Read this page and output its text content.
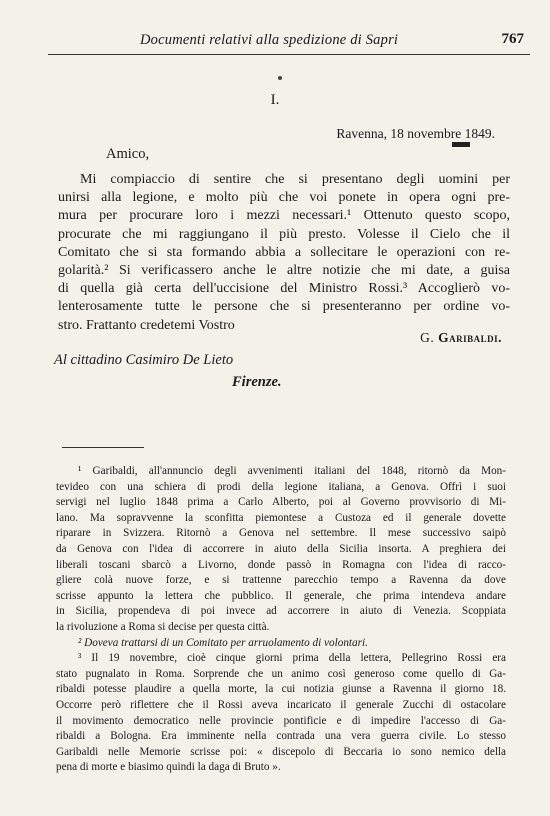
Documenti relativi alla spedizione di Sapri	767
I.
Ravenna, 18 novembre 1849.
Amico,

Mi compiaccio di sentire che si presentano degli uomini per
unirsi alla legione, e molto più che voi ponete in opera ogni pre-
mura per procurare loro i mezzi necessari.¹ Ottenuto questo scopo,
procurate che mi raggiungano il più presto. Volesse il Cielo che il
Comitato che si sta formando abbia a sollecitare le operazioni con re-
golarità.² Si verificassero anche le altre notizie che mi date, a guisa
di quella già certa dell'uccisione del Ministro Rossi.³ Accoglierò vo-
lenterosamente tutte le persone che si presenteranno per ordine vo-
stro. Frattanto credetemi Vostro

G. Garibaldi.
Al cittadino Casimiro De Lieto
Firenze.
¹ Garibaldi, all'annuncio degli avvenimenti italiani del 1848, ritornò da Mon-
tevideo con una schiera di prodi della legione italiana, a Genova. Offrì i suoi
servigi nel luglio 1848 prima a Carlo Alberto, poi al Governo provvisorio di Mi-
lano. Ma sopravvenne la sconfitta piemontese a Custoza ed il generale dovette
riparare in Svizzera. Ritornò a Genova nel settembre. Il mese successivo saipò
da Genova con l'idea di accorrere in aiuto della Sicilia insorta. A preghiera dei
liberali toscani sbarcò a Livorno, donde passò in Romagna con l'idea di racco-
gliere colà nuove forze, e si trattenne parecchio tempo a Ravenna da dove
scrisse appunto la lettera che pubblico. Il generale, che prima intendeva andare
in Sicilia, propendeva di poi invece ad accorrere in aiuto di Venezia. Scoppiata
la rivoluzione a Roma si decise per questa città.
² Doveva trattarsi di un Comitato per arruolamento di volontari.
³ Il 19 novembre, cioè cinque giorni prima della lettera, Pellegrino Rossi era
stato pugnalato in Roma. Sorprende che un animo così generoso come quello di Ga-
ribaldi potesse plaudire a quella morte, la cui notizia giunse a Ravenna il giorno 18.
Occorre però riflettere che il Rossi aveva incaricato il generale Zucchi di ostacolare
il movimento democratico nelle provincie pontificie e di impedire l'accesso di Ga-
ribaldi a Bologna. Era imminente nella contrada una vera guerra civile. Lo stesso
Garibaldi nelle Memorie scrisse poi: « discepolo di Beccaria io sono nemico della
pena di morte e biasimo quindi la daga di Bruto ».
